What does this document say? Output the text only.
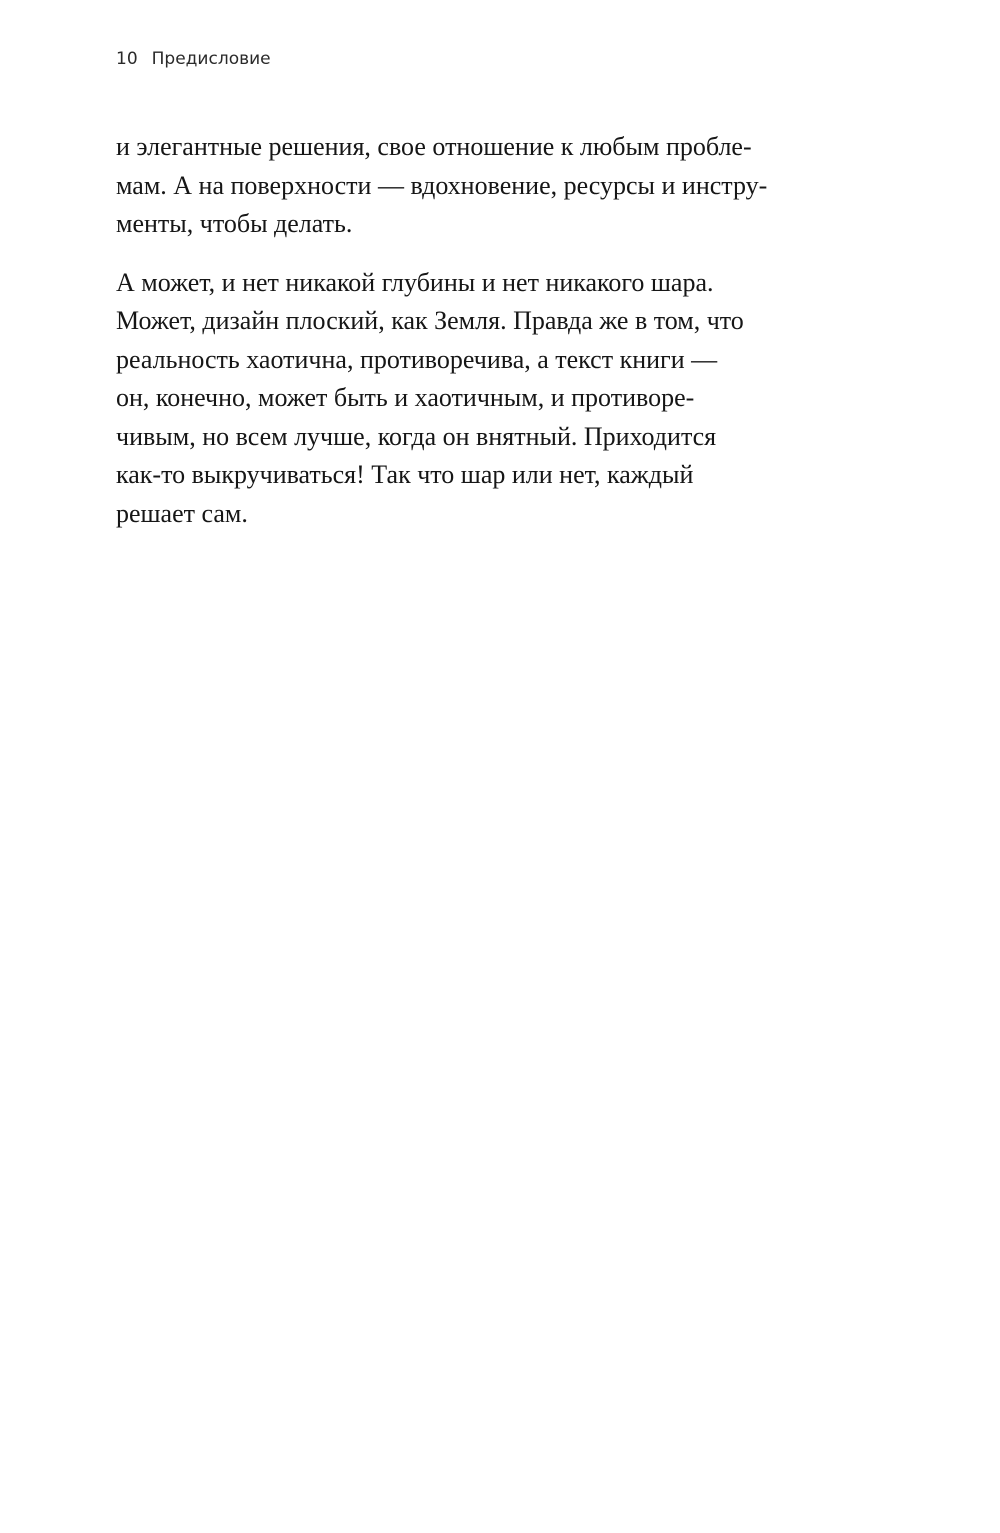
10 Предисловие
и элегантные решения, свое отношение к любым пробле-
мам. А на поверхности — вдохновение, ресурсы и инстру-
менты, чтобы делать.
А может, и нет никакой глубины и нет никакого шара.
Может, дизайн плоский, как Земля. Правда же в том, что
реальность хаотична, противоречива, а текст книги —
он, конечно, может быть и хаотичным, и противоре-
чивым, но всем лучше, когда он внятный. Приходится
как-то выкручиваться! Так что шар или нет, каждый
решает сам.
